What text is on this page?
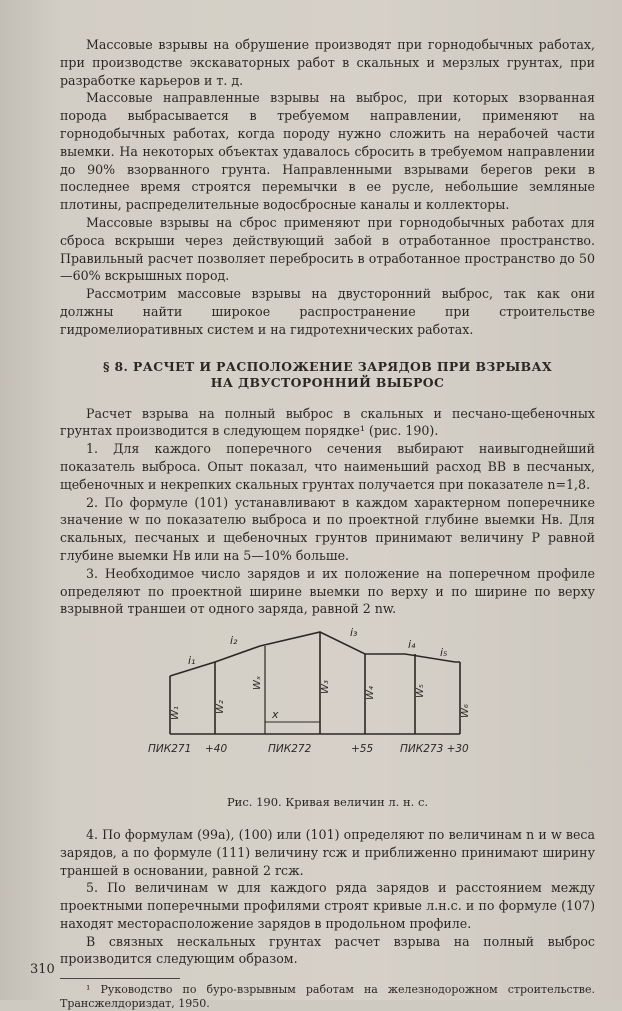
Массовые взрывы на обрушение производят при горнодобычных работах, при производстве экскаваторных работ в скальных и мерзлых грунтах, при разработке карьеров и т. д.

Массовые направленные взрывы на выброс, при которых взорванная порода выбрасывается в требуемом направлении, применяют на горнодобычных работах, когда породу нужно сложить на нерабочей части выемки. На некоторых объектах удавалось сбросить в требуемом направлении до 90% взорванного грунта. Направленными взрывами берегов реки в последнее время строятся перемычки в ее русле, небольшие земляные плотины, распределительные водосбросные каналы и коллекторы.

Массовые взрывы на сброс применяют при горнодобычных работах для сброса вскрыши через действующий забой в отработанное пространство. Правильный расчет позволяет перебросить в отработанное пространство до 50—60% вскрышных пород.

Рассмотрим массовые взрывы на двусторонний выброс, так как они должны найти широкое распространение при строительстве гидромелиоративных систем и на гидротехнических работах.

§ 8. РАСЧЕТ И РАСПОЛОЖЕНИЕ ЗАРЯДОВ ПРИ ВЗРЫВАХ
НА ДВУСТОРОННИЙ ВЫБРОС

Расчет взрыва на полный выброс в скальных и песчано-щебеночных грунтах производится в следующем порядке¹ (рис. 190).

1. Для каждого поперечного сечения выбирают наивыгоднейший показатель выброса. Опыт показал, что наименьший расход ВВ в песчаных, щебеночных и некрепких скальных грунтах получается при показателе n=1,8.

2. По формуле (101) устанавливают в каждом характерном поперечнике значение w по показателю выброса и по проектной глубине выемки Hв. Для скальных, песчаных и щебеночных грунтов принимают величину P равной глубине выемки Hв или на 5—10% больше.

3. Необходимое число зарядов и их положение на поперечном профиле определяют по проектной ширине выемки по верху и по ширине по верху взрывной траншеи от одного заряда, равной 2 nw.

i₁
i₂
i₃
i₄
i₅
x
W₁	W₂
Wₓ	W₃	W₄	W₅
W₆
ПИК271 +40	ПИК272	+55	ПИК273 +30
Рис. 190. Кривая величин л. н. с.

4. По формулам (99а), (100) или (101) определяют по величинам n и w веса зарядов, а по формуле (111) величину rсж и приближенно принимают ширину траншей в основании, равной 2 rсж.

5. По величинам w для каждого ряда зарядов и расстоянием между проектными поперечными профилями строят кривые л.н.с. и по формуле (107) находят месторасположение зарядов в продольном профиле.

В связных нескальных грунтах расчет взрыва на полный выброс производится следующим образом.

¹ Руководство по буро-взрывным работам на железнодорожном строительстве. Трансжелдориздат, 1950.

310
